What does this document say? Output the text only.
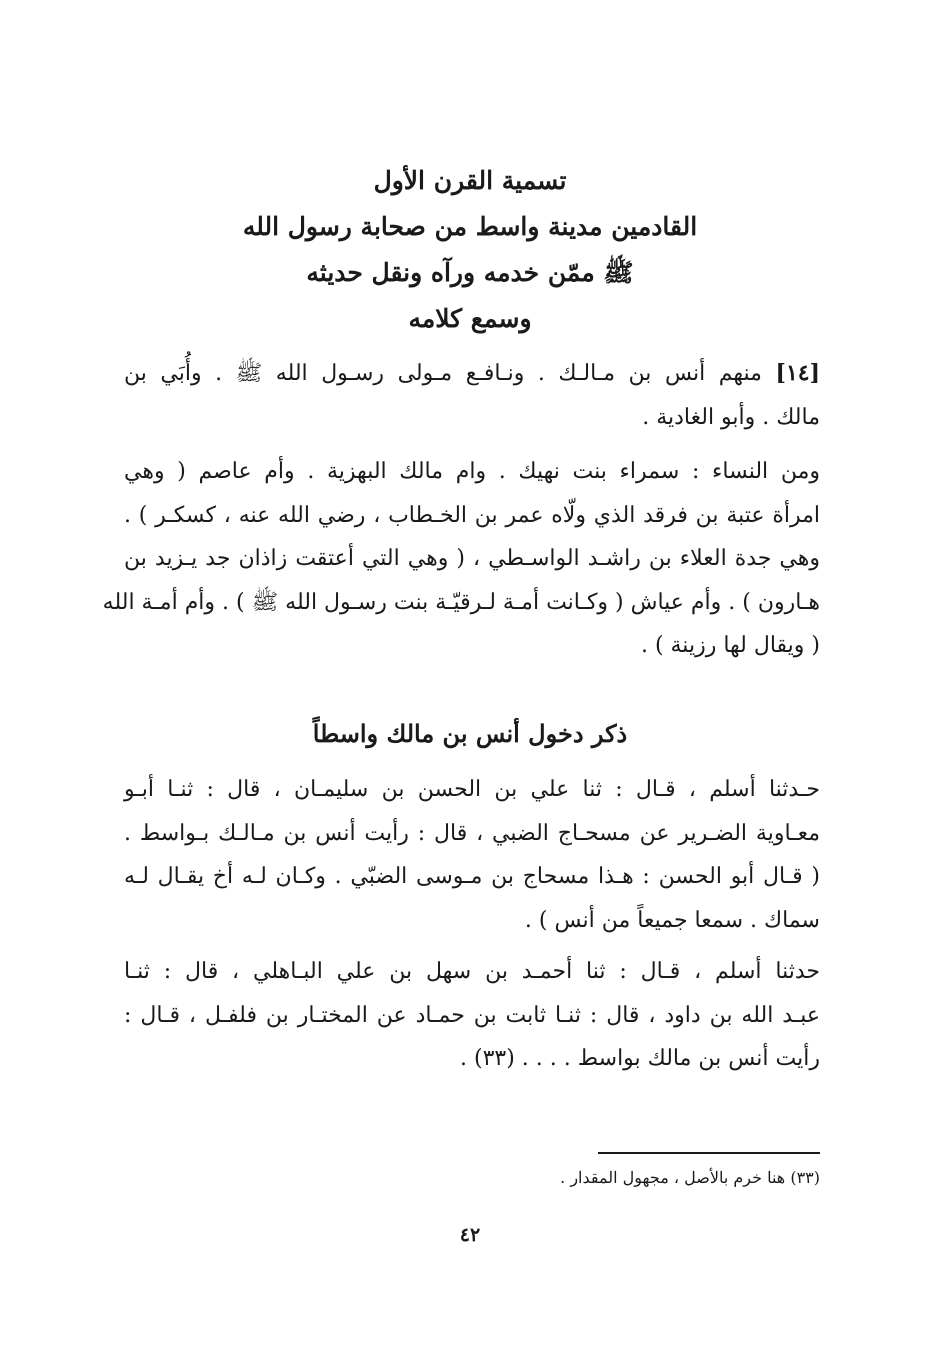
تسمية القرن الأول
القادمين مدينة واسط من صحابة رسول الله
ﷺ ممّن خدمه ورآه ونقل حديثه
وسمع كلامه
[١٤] منهم أنس بن مـالـك . ونـافـع مـولى رسـول الله ﷺ . وأُبَي بن
مالك . وأبو الغادية .
ومن النساء : سمراء بنت نهيك . وام مالك البهزية . وأم عاصم ( وهي
امرأة عتبة بن فرقد الذي ولّاه عمر بن الخـطاب ، رضي الله عنه ، كسكـر ) .
وهي جدة العلاء بن راشـد الواسـطي ، ( وهي التي أعتقت زاذان جد يـزيد بن
هـارون ) . وأم عياش ( وكـانت أمـة لـرقيّـة بنت رسـول الله ﷺ ) . وأم أمـة الله
( ويقال لها رزينة ) .
ذكر دخول أنس بن مالك واسطاً
حـدثنا أسلم ، قـال : ثنا علي بن الحسن بن سليمـان ، قال : ثنـا أبـو
معـاوية الضـرير عن مسحـاج الضبي ، قال : رأيت أنس بن مـالـك بـواسط .
( قـال أبو الحسن : هـذا مسحاج بن مـوسى الضبّي . وكـان لـه أخ يقـال لـه
سماك . سمعا جميعاً من أنس ) .
حدثنا أسلم ، قـال : ثنا أحمـد بن سهل بن علي البـاهلي ، قال : ثنـا
عبـد الله بن داود ، قال : ثنـا ثابت بن حمـاد عن المختـار بن فلفـل ، قـال :
رأيت أنس بن مالك بواسط . . . . (٣٣) .
(٣٣) هنا خرم بالأصل ، مجهول المقدار .
٤٢
